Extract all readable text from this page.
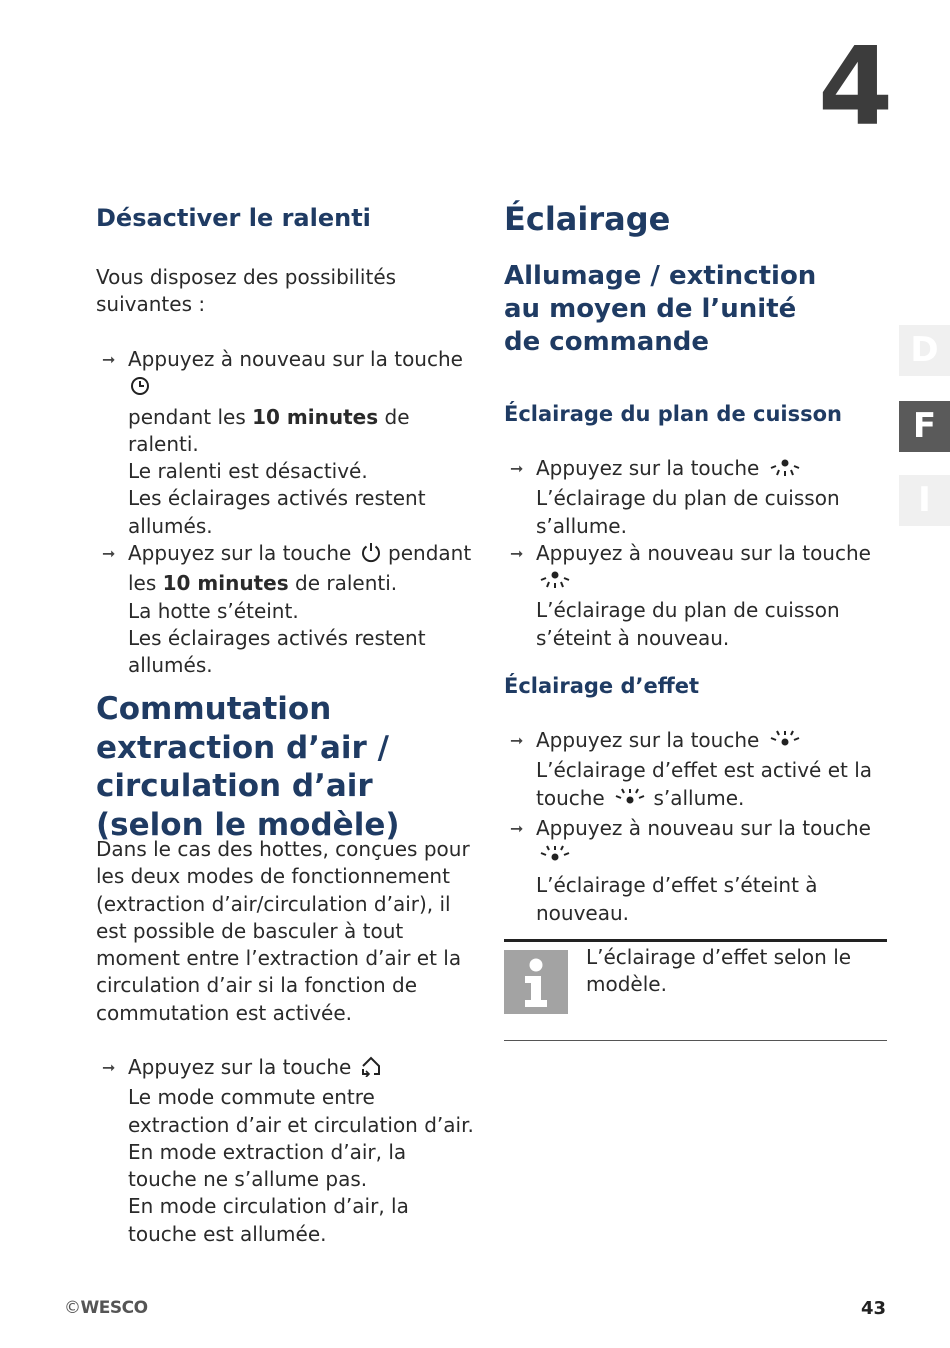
4
D
F
I
Désactiver le ralenti
Vous disposez des possibilités suivantes :
➞ Appuyez à nouveau sur la touche
pendant les 10 minutes de ralenti.
Le ralenti est désactivé.
Les éclairages activés restent allumés.
➞ Appuyez sur la touche  pendant
les 10 minutes de ralenti.
La hotte s’éteint.
Les éclairages activés restent allumés.
Commutation extraction d’air / circulation d’air (selon le modèle)
Dans le cas des hottes, conçues pour les deux modes de fonctionnement (extraction d’air/circulation d’air), il est possible de basculer à tout moment entre l’extraction d’air et la circulation d’air si la fonction de commutation est activée.
➞ Appuyez sur la touche
Le mode commute entre extraction d’air et circulation d’air.
En mode extraction d’air, la touche ne s’allume pas.
En mode circulation d’air, la touche est allumée.
Éclairage
Allumage / extinction au moyen de l’unité de commande
Éclairage du plan de cuisson
➞ Appuyez sur la touche
L’éclairage du plan de cuisson s’allume.
➞ Appuyez à nouveau sur la touche
L’éclairage du plan de cuisson s’éteint à nouveau.
Éclairage d’effet
➞ Appuyez sur la touche
L’éclairage d’effet est activé et la touche  s’allume.
➞ Appuyez à nouveau sur la touche
L’éclairage d’effet s’éteint à nouveau.
L’éclairage d’effet selon le modèle.
©WESCO	43
